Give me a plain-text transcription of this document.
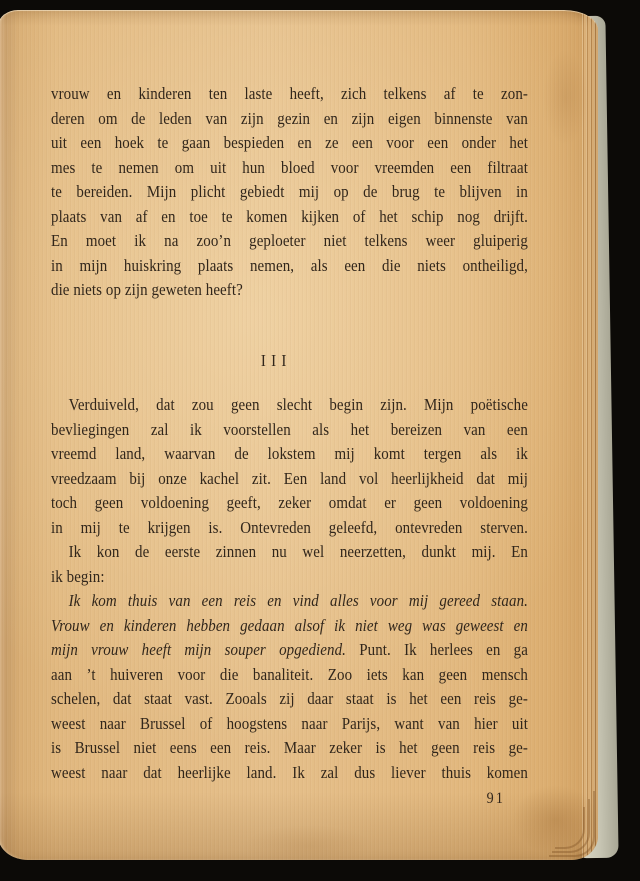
vrouw en kinderen ten laste heeft, zich telkens af te zon-
deren om de leden van zijn gezin en zijn eigen binnenste van
uit een hoek te gaan bespieden en ze een voor een onder het
mes te nemen om uit hun bloed voor vreemden een filtraat
te bereiden. Mijn plicht gebiedt mij op de brug te blijven in
plaats van af en toe te komen kijken of het schip nog drijft.
En moet ik na zoo’n geploeter niet telkens weer gluiperig
in mijn huiskring plaats nemen, als een die niets ontheiligd,
die niets op zijn geweten heeft?
III
Verduiveld, dat zou geen slecht begin zijn. Mijn poëtische
bevliegingen zal ik voorstellen als het bereizen van een
vreemd land, waarvan de lokstem mij komt tergen als ik
vreedzaam bij onze kachel zit. Een land vol heerlijkheid dat mij
toch geen voldoening geeft, zeker omdat er geen voldoening
in mij te krijgen is. Ontevreden geleefd, ontevreden sterven.
Ik kon de eerste zinnen nu wel neerzetten, dunkt mij. En
ik begin:
Ik kom thuis van een reis en vind alles voor mij gereed staan.
Vrouw en kinderen hebben gedaan alsof ik niet weg was geweest en
mijn vrouw heeft mijn souper opgediend. Punt. Ik herlees en ga
aan ’t huiveren voor die banaliteit. Zoo iets kan geen mensch
schelen, dat staat vast. Zooals zij daar staat is het een reis ge-
weest naar Brussel of hoogstens naar Parijs, want van hier uit
is Brussel niet eens een reis. Maar zeker is het geen reis ge-
weest naar dat heerlijke land. Ik zal dus liever thuis komen
91
